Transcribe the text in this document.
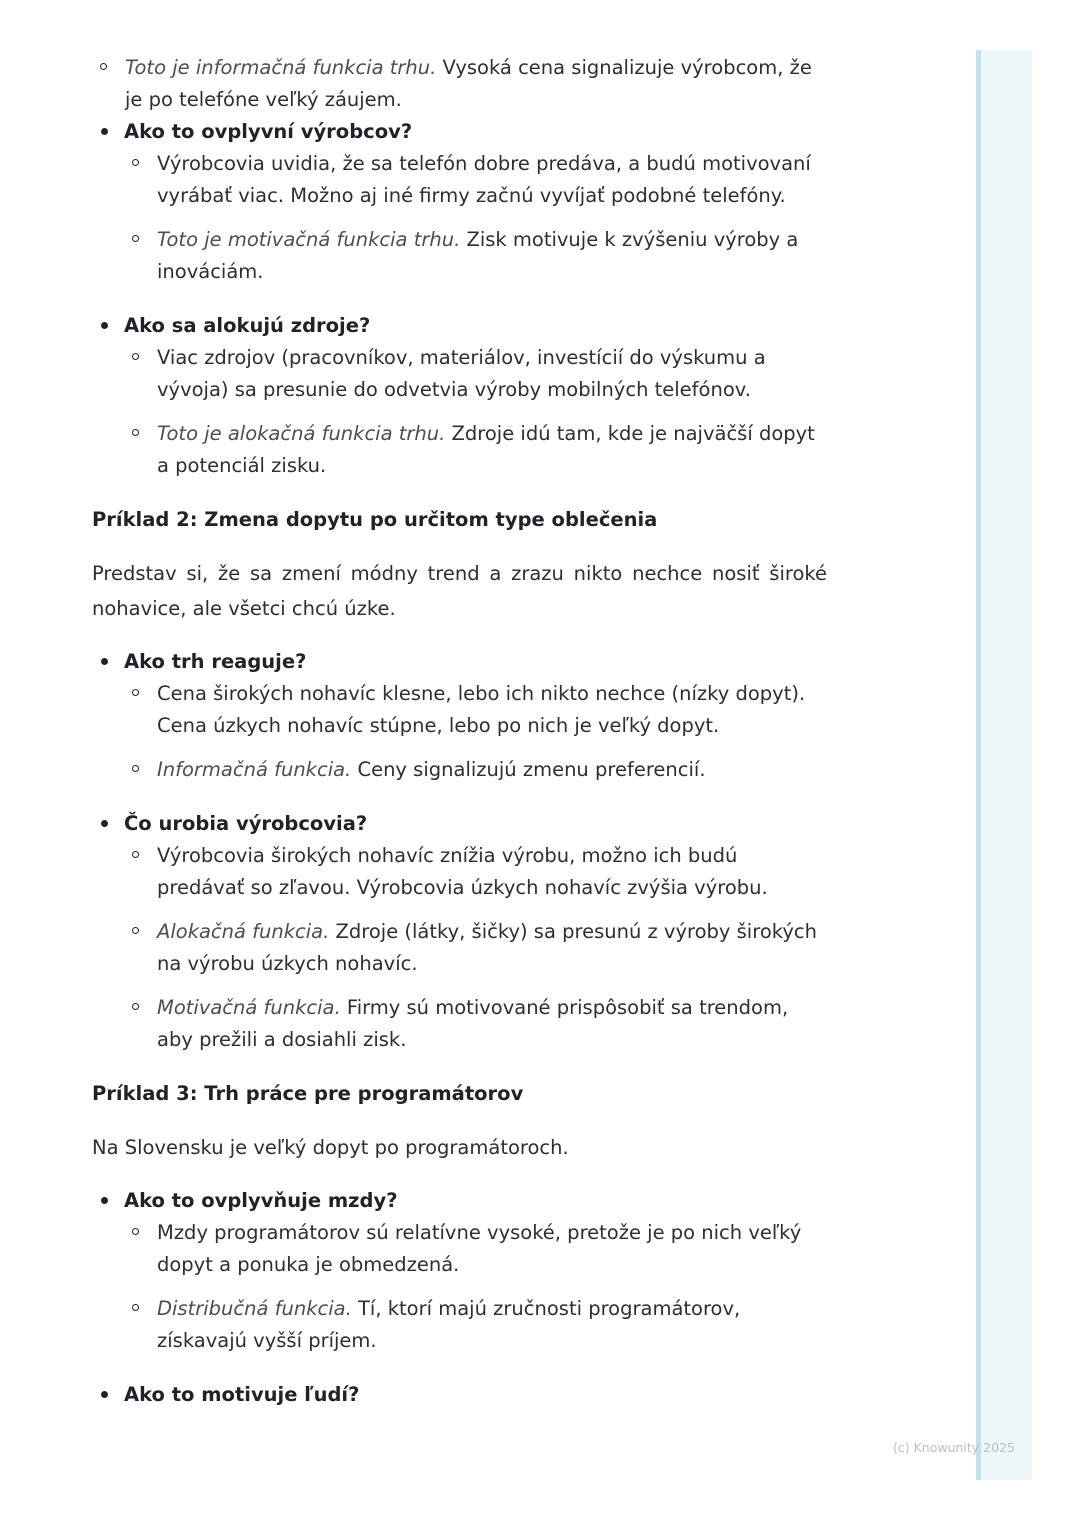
Toto je informačná funkcia trhu. Vysoká cena signalizuje výrobcom, že je po telefóne veľký záujem.

Ako to ovplyvní výrobcov?

Výrobcovia uvidia, že sa telefón dobre predáva, a budú motivovaní vyrábať viac. Možno aj iné firmy začnú vyvíjať podobné telefóny.
Toto je motivačná funkcia trhu. Zisk motivuje k zvýšeniu výroby a inováciám.

Ako sa alokujú zdroje?

Viac zdrojov (pracovníkov, materiálov, investícií do výskumu a vývoja) sa presunie do odvetvia výroby mobilných telefónov.
Toto je alokačná funkcia trhu. Zdroje idú tam, kde je najväčší dopyt a potenciál zisku.
Príklad 2: Zmena dopytu po určitom type oblečenia

Predstav si, že sa zmení módny trend a zrazu nikto nechce nosiť široké nohavice, ale všetci chcú úzke.

Ako trh reaguje?

Cena širokých nohavíc klesne, lebo ich nikto nechce (nízky dopyt). Cena úzkych nohavíc stúpne, lebo po nich je veľký dopyt.
Informačná funkcia. Ceny signalizujú zmenu preferencií.

Čo urobia výrobcovia?

Výrobcovia širokých nohavíc znížia výrobu, možno ich budú predávať so zľavou. Výrobcovia úzkych nohavíc zvýšia výrobu.
Alokačná funkcia. Zdroje (látky, šičky) sa presunú z výroby širokých na výrobu úzkych nohavíc.
Motivačná funkcia. Firmy sú motivované prispôsobiť sa trendom, aby prežili a dosiahli zisk.
Príklad 3: Trh práce pre programátorov

Na Slovensku je veľký dopyt po programátoroch.

Ako to ovplyvňuje mzdy?

Mzdy programátorov sú relatívne vysoké, pretože je po nich veľký dopyt a ponuka je obmedzená.
Distribučná funkcia. Tí, ktorí majú zručnosti programátorov, získavajú vyšší príjem.

Ako to motivuje ľudí?

(c) Knowunity 2025
